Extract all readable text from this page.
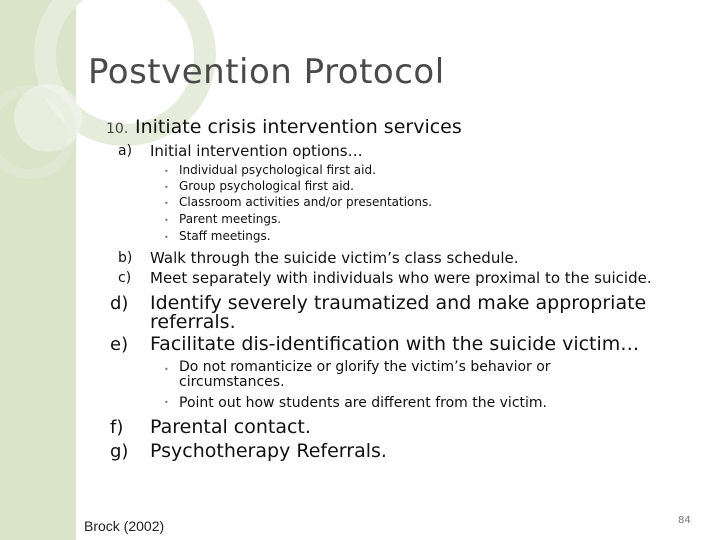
Postvention Protocol
10. Initiate crisis intervention services
a) Initial intervention options…
• Individual psychological first aid.
• Group psychological first aid.
• Classroom activities and/or presentations.
• Parent meetings.
• Staff meetings.
b) Walk through the suicide victim’s class schedule.
c) Meet separately with individuals who were proximal to the suicide.
d) Identify severely traumatized and make appropriate
referrals.
e) Facilitate dis-identification with the suicide victim…
• Do not romanticize or glorify the victim’s behavior or
circumstances.
• Point out how students are different from the victim.
f) Parental contact.
g) Psychotherapy Referrals.
Brock (2002)	84
